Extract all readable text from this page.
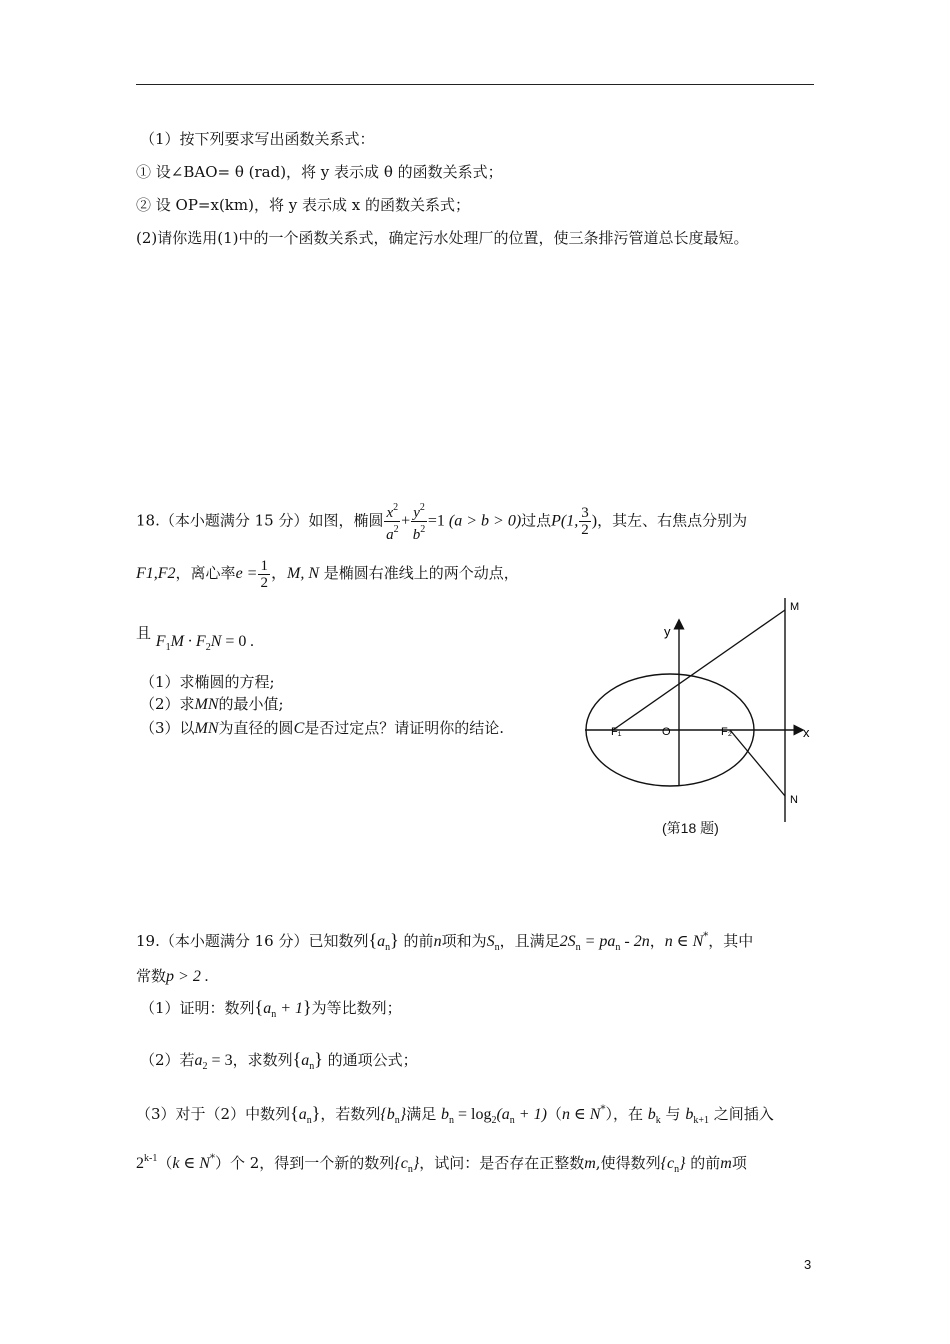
（1）按下列要求写出函数关系式：
① 设∠BAO= θ (rad)，将 y 表示成 θ 的函数关系式；
② 设 OP=x(km)，将 y 表示成 x 的函数关系式；
(2)请你选用(1)中的一个函数关系式，确定污水处理厂的位置，使三条排污管道总长度最短。
18.（本小题满分 15 分）如图，椭圆 $\frac{x^2}{a^2} + \frac{y^2}{b^2} =1$ (a > b > 0)过点P(1, $\frac{3}{2}$ )，其左、右焦点分别为
F1,F2，离心率$e = \frac{1}{2}$ ，M, N 是椭圆右准线上的两个动点，
且 $F_1M \cdot F_2N = 0$ .
（1）求椭圆的方程;
（2）求MN的最小值;
（3）以MN为直径的圆C是否过定点？请证明你的结论.
y
x
O
F₁	F₂
M
N
(第18 题)
19.（本小题满分 16 分）已知数列$\{a_n\}$ 的前n项和为$S_n$，且满足$2S_n = pa_n - 2n$，n ∈ N*，其中
常数p > 2 .
（1）证明：数列$\{a_n + 1\}$为等比数列；
（2）若$a_2 = 3$，求数列$\{a_n\}$ 的通项公式；
（3）对于（2）中数列$\{a_n\}$，若数列$\{b_n\}$满足 $b_n = \log_2(a_n + 1)(n$ ∈ N*），在 $b_k$ 与 $b_{k+1}$ 之间插入
2$^{k-1}$（k ∈ N*）个 2，得到一个新的数列$\{c_n\}$，试问：是否存在正整数m,使得数列$\{c_n\}$ 的前m项
3
